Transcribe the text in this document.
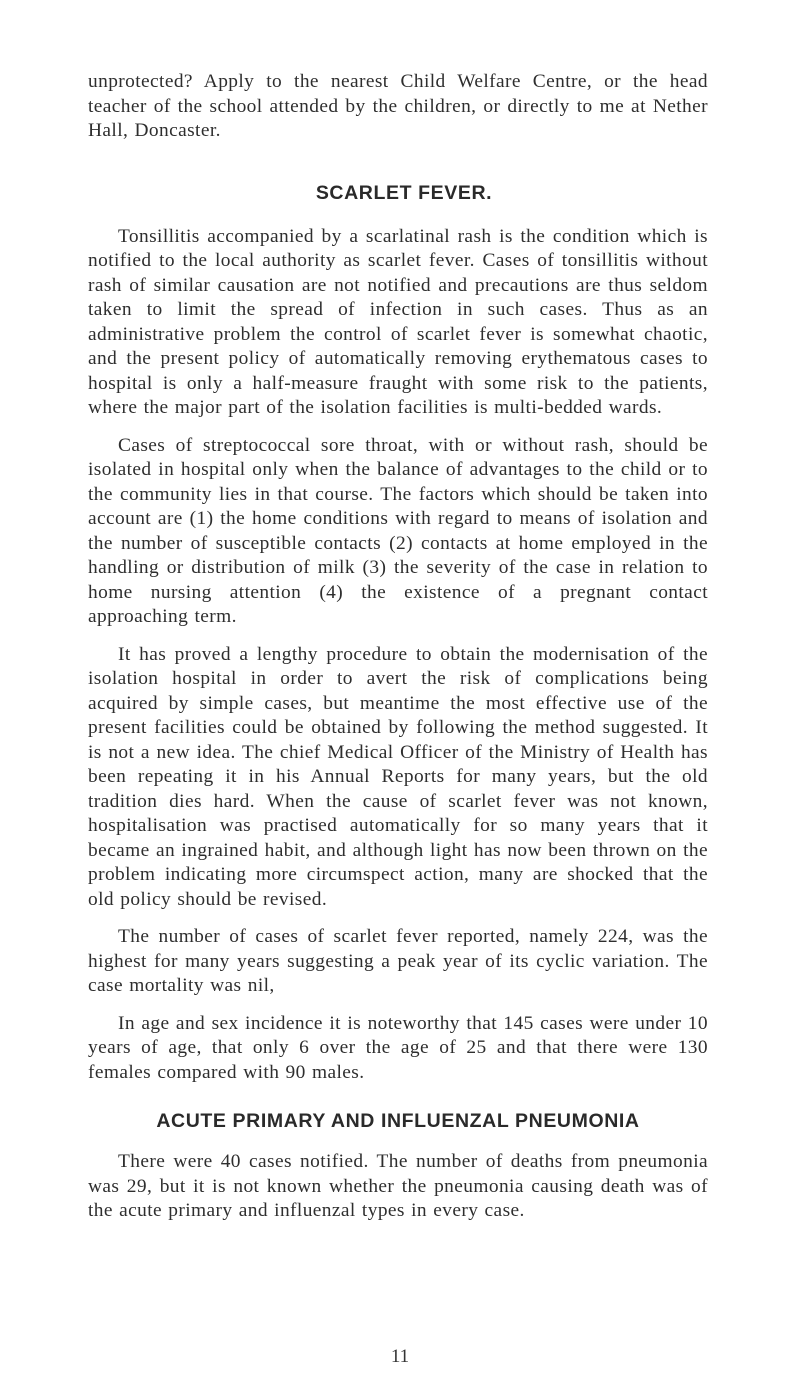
unprotected? Apply to the nearest Child Welfare Centre, or the head teacher of the school attended by the children, or directly to me at Nether Hall, Doncaster.

SCARLET FEVER.

Tonsillitis accompanied by a scarlatinal rash is the condition which is notified to the local authority as scarlet fever. Cases of tonsillitis without rash of similar causation are not notified and precautions are thus seldom taken to limit the spread of infection in such cases. Thus as an administrative problem the control of scarlet fever is somewhat chaotic, and the present policy of automatically removing erythematous cases to hospital is only a half-measure fraught with some risk to the patients, where the major part of the isolation facilities is multi-bedded wards.

Cases of streptococcal sore throat, with or without rash, should be isolated in hospital only when the balance of advantages to the child or to the community lies in that course. The factors which should be taken into account are (1) the home conditions with regard to means of isolation and the number of susceptible contacts (2) contacts at home employed in the handling or distribution of milk (3) the severity of the case in relation to home nursing attention (4) the existence of a pregnant contact approaching term.

It has proved a lengthy procedure to obtain the modernisation of the isolation hospital in order to avert the risk of complications being acquired by simple cases, but meantime the most effective use of the present facilities could be obtained by following the method suggested. It is not a new idea. The chief Medical Officer of the Ministry of Health has been repeating it in his Annual Reports for many years, but the old tradition dies hard. When the cause of scarlet fever was not known, hospitalisation was practised automatically for so many years that it became an ingrained habit, and although light has now been thrown on the problem indicating more circumspect action, many are shocked that the old policy should be revised.

The number of cases of scarlet fever reported, namely 224, was the highest for many years suggesting a peak year of its cyclic variation. The case mortality was nil,

In age and sex incidence it is noteworthy that 145 cases were under 10 years of age, that only 6 over the age of 25 and that there were 130 females compared with 90 males.

ACUTE PRIMARY AND INFLUENZAL PNEUMONIA

There were 40 cases notified. The number of deaths from pneumonia was 29, but it is not known whether the pneumonia causing death was of the acute primary and influenzal types in every case.

11
